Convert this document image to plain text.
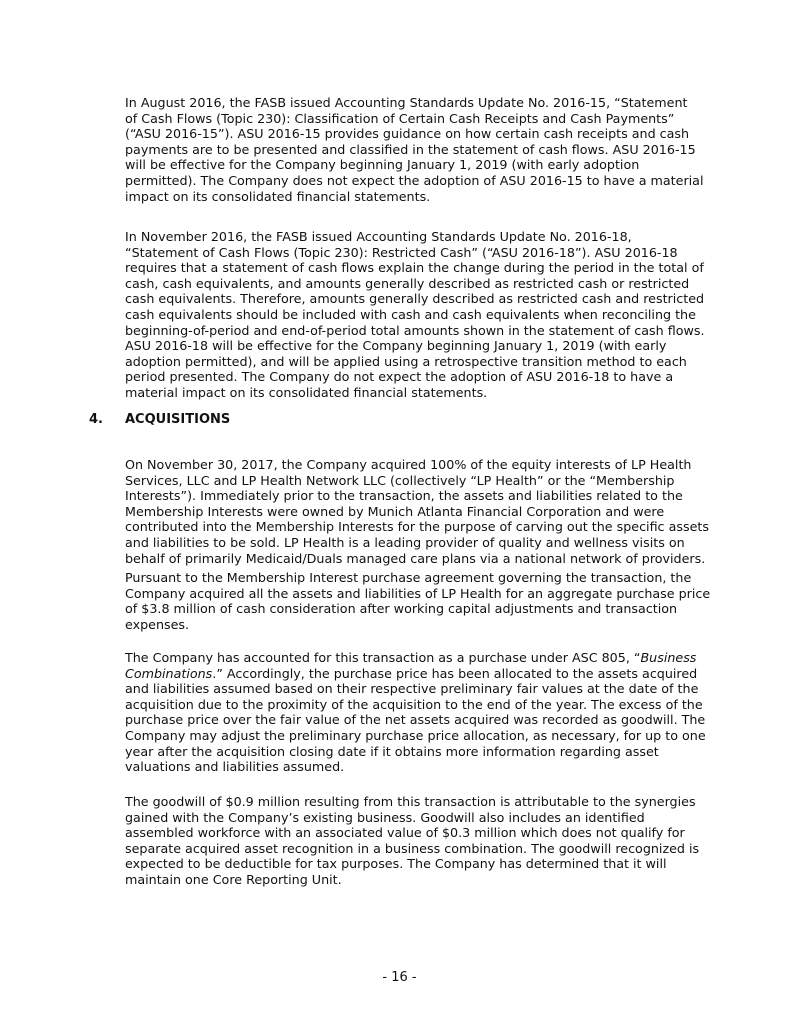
In August 2016, the FASB issued Accounting Standards Update No. 2016-15, “Statement
of Cash Flows (Topic 230): Classification of Certain Cash Receipts and Cash Payments”
(“ASU 2016-15”). ASU 2016-15 provides guidance on how certain cash receipts and cash
payments are to be presented and classified in the statement of cash flows. ASU 2016-15
will be effective for the Company beginning January 1, 2019 (with early adoption
permitted). The Company does not expect the adoption of ASU 2016-15 to have a material
impact on its consolidated financial statements.

In November 2016, the FASB issued Accounting Standards Update No. 2016-18,
“Statement of Cash Flows (Topic 230): Restricted Cash” (“ASU 2016-18”). ASU 2016-18
requires that a statement of cash flows explain the change during the period in the total of
cash, cash equivalents, and amounts generally described as restricted cash or restricted
cash equivalents. Therefore, amounts generally described as restricted cash and restricted
cash equivalents should be included with cash and cash equivalents when reconciling the
beginning-of-period and end-of-period total amounts shown in the statement of cash flows.
ASU 2016-18 will be effective for the Company beginning January 1, 2019 (with early
adoption permitted), and will be applied using a retrospective transition method to each
period presented. The Company do not expect the adoption of ASU 2016-18 to have a
material impact on its consolidated financial statements.

4. ACQUISITIONS

On November 30, 2017, the Company acquired 100% of the equity interests of LP Health
Services, LLC and LP Health Network LLC (collectively “LP Health” or the “Membership
Interests”). Immediately prior to the transaction, the assets and liabilities related to the
Membership Interests were owned by Munich Atlanta Financial Corporation and were
contributed into the Membership Interests for the purpose of carving out the specific assets
and liabilities to be sold. LP Health is a leading provider of quality and wellness visits on
behalf of primarily Medicaid/Duals managed care plans via a national network of providers.

Pursuant to the Membership Interest purchase agreement governing the transaction, the
Company acquired all the assets and liabilities of LP Health for an aggregate purchase price
of $3.8 million of cash consideration after working capital adjustments and transaction
expenses.

The Company has accounted for this transaction as a purchase under ASC 805, “Business
Combinations.” Accordingly, the purchase price has been allocated to the assets acquired
and liabilities assumed based on their respective preliminary fair values at the date of the
acquisition due to the proximity of the acquisition to the end of the year. The excess of the
purchase price over the fair value of the net assets acquired was recorded as goodwill. The
Company may adjust the preliminary purchase price allocation, as necessary, for up to one
year after the acquisition closing date if it obtains more information regarding asset
valuations and liabilities assumed.

The goodwill of $0.9 million resulting from this transaction is attributable to the synergies
gained with the Company’s existing business. Goodwill also includes an identified
assembled workforce with an associated value of $0.3 million which does not qualify for
separate acquired asset recognition in a business combination. The goodwill recognized is
expected to be deductible for tax purposes. The Company has determined that it will
maintain one Core Reporting Unit.

- 16 -
